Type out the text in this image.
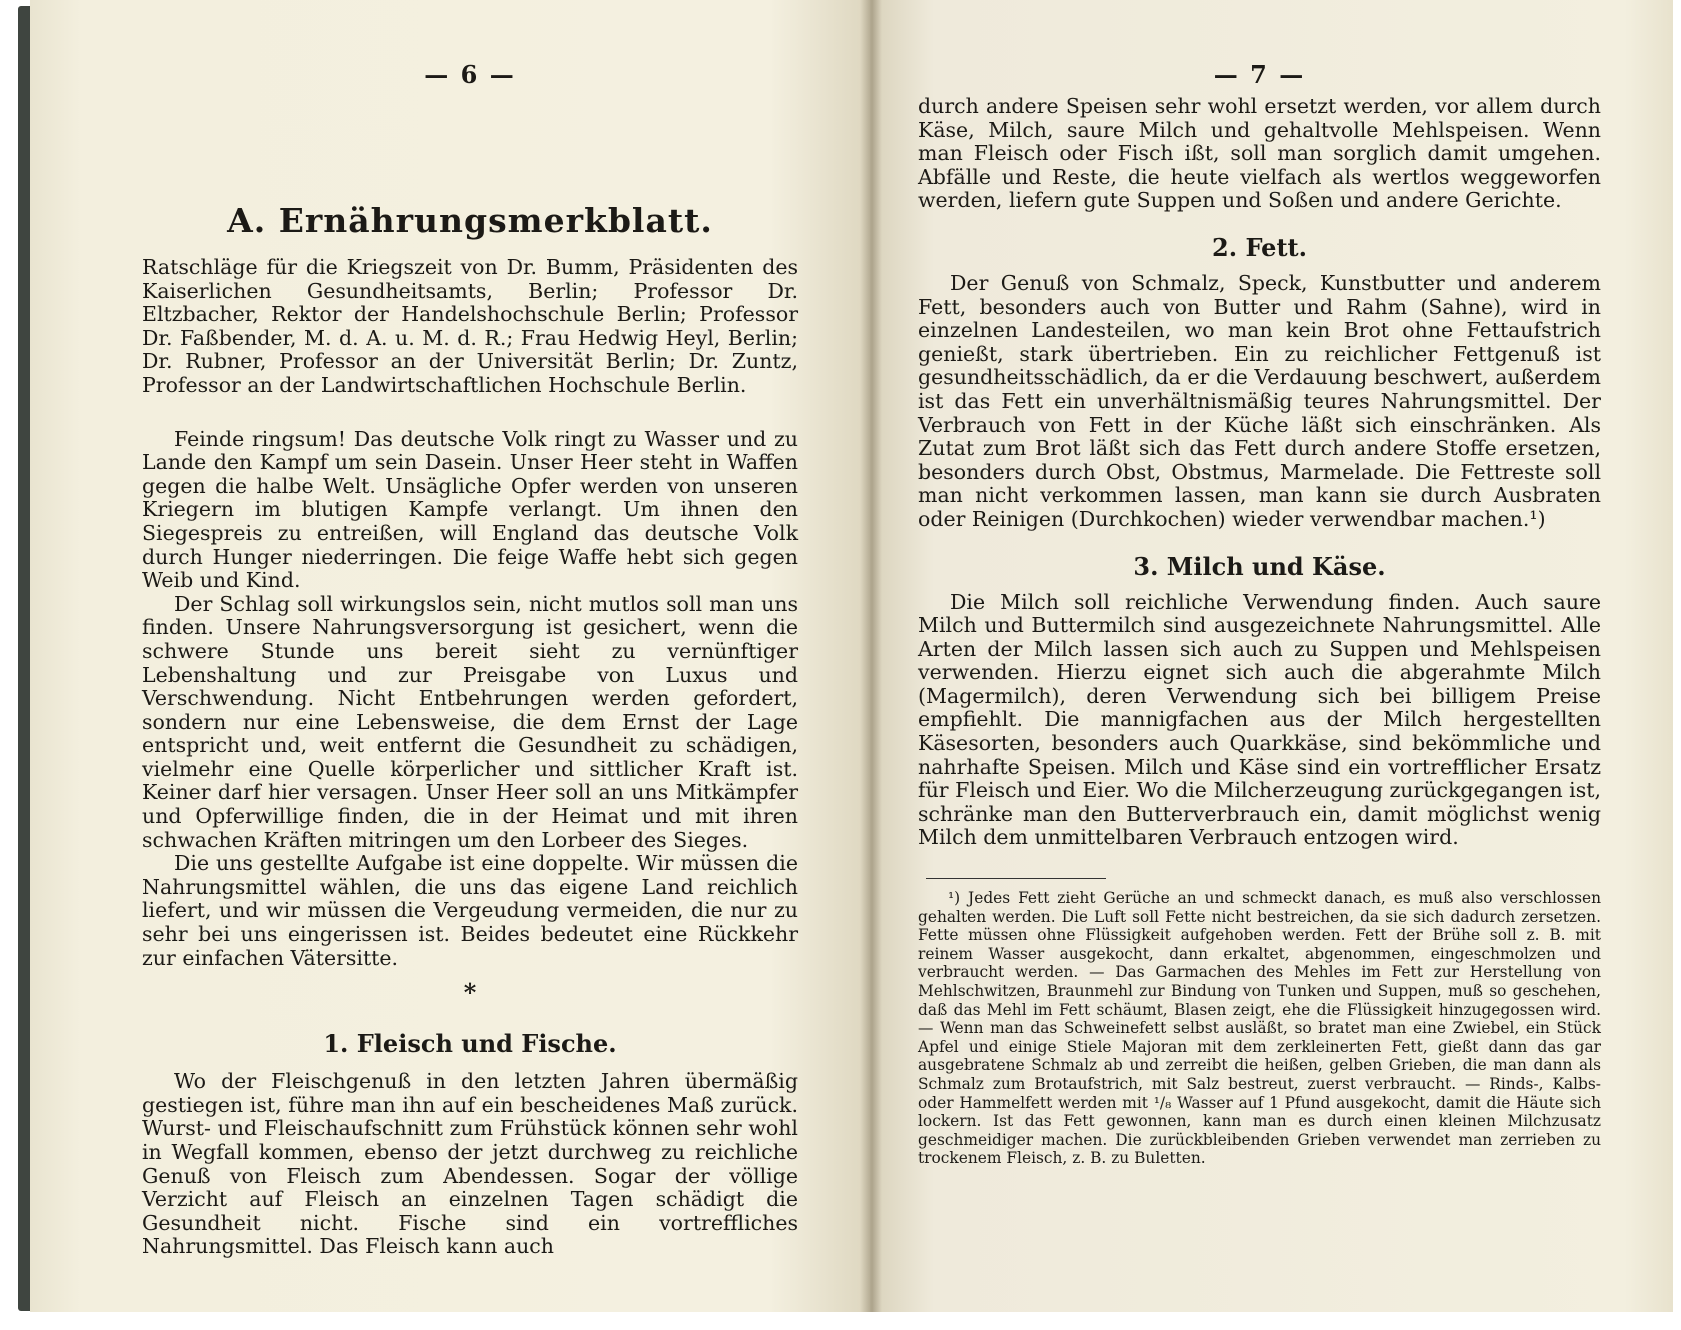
— 6 —
A. Ernährungsmerkblatt.

Ratschläge für die Kriegszeit von Dr. Bumm, Präsidenten des Kaiserlichen Gesundheitsamts, Berlin; Professor Dr. Eltzbacher, Rektor der Handelshochschule Berlin; Professor Dr. Faßbender, M. d. A. u. M. d. R.; Frau Hedwig Heyl, Berlin; Dr. Rubner, Professor an der Universität Berlin; Dr. Zuntz, Professor an der Landwirtschaftlichen Hochschule Berlin.

Feinde ringsum! Das deutsche Volk ringt zu Wasser und zu Lande den Kampf um sein Dasein. Unser Heer steht in Waffen gegen die halbe Welt. Unsägliche Opfer werden von unseren Kriegern im blutigen Kampfe verlangt. Um ihnen den Siegespreis zu entreißen, will England das deutsche Volk durch Hunger niederringen. Die feige Waffe hebt sich gegen Weib und Kind.

Der Schlag soll wirkungslos sein, nicht mutlos soll man uns finden. Unsere Nahrungsversorgung ist gesichert, wenn die schwere Stunde uns bereit sieht zu vernünftiger Lebenshaltung und zur Preisgabe von Luxus und Verschwendung. Nicht Entbehrungen werden gefordert, sondern nur eine Lebensweise, die dem Ernst der Lage entspricht und, weit entfernt die Gesundheit zu schädigen, vielmehr eine Quelle körperlicher und sittlicher Kraft ist. Keiner darf hier versagen. Unser Heer soll an uns Mitkämpfer und Opferwillige finden, die in der Heimat und mit ihren schwachen Kräften mitringen um den Lorbeer des Sieges.

Die uns gestellte Aufgabe ist eine doppelte. Wir müssen die Nahrungsmittel wählen, die uns das eigene Land reichlich liefert, und wir müssen die Vergeudung vermeiden, die nur zu sehr bei uns eingerissen ist. Beides bedeutet eine Rückkehr zur einfachen Vätersitte.

*
1. Fleisch und Fische.

Wo der Fleischgenuß in den letzten Jahren übermäßig gestiegen ist, führe man ihn auf ein bescheidenes Maß zurück. Wurst- und Fleischaufschnitt zum Frühstück können sehr wohl in Wegfall kommen, ebenso der jetzt durchweg zu reichliche Genuß von Fleisch zum Abendessen. Sogar der völlige Verzicht auf Fleisch an einzelnen Tagen schädigt die Gesundheit nicht. Fische sind ein vortreffliches Nahrungsmittel. Das Fleisch kann auch

— 7 —

durch andere Speisen sehr wohl ersetzt werden, vor allem durch Käse, Milch, saure Milch und gehaltvolle Mehlspeisen. Wenn man Fleisch oder Fisch ißt, soll man sorglich damit umgehen. Abfälle und Reste, die heute vielfach als wertlos weggeworfen werden, liefern gute Suppen und Soßen und andere Gerichte.

2. Fett.

Der Genuß von Schmalz, Speck, Kunstbutter und anderem Fett, besonders auch von Butter und Rahm (Sahne), wird in einzelnen Landesteilen, wo man kein Brot ohne Fettaufstrich genießt, stark übertrieben. Ein zu reichlicher Fettgenuß ist gesundheitsschädlich, da er die Verdauung beschwert, außerdem ist das Fett ein unverhältnismäßig teures Nahrungsmittel. Der Verbrauch von Fett in der Küche läßt sich einschränken. Als Zutat zum Brot läßt sich das Fett durch andere Stoffe ersetzen, besonders durch Obst, Obstmus, Marmelade. Die Fettreste soll man nicht verkommen lassen, man kann sie durch Ausbraten oder Reinigen (Durchkochen) wieder verwendbar machen.¹)

3. Milch und Käse.

Die Milch soll reichliche Verwendung finden. Auch saure Milch und Buttermilch sind ausgezeichnete Nahrungsmittel. Alle Arten der Milch lassen sich auch zu Suppen und Mehlspeisen verwenden. Hierzu eignet sich auch die abgerahmte Milch (Magermilch), deren Verwendung sich bei billigem Preise empfiehlt. Die mannigfachen aus der Milch hergestellten Käsesorten, besonders auch Quarkkäse, sind bekömmliche und nahrhafte Speisen. Milch und Käse sind ein vortrefflicher Ersatz für Fleisch und Eier. Wo die Milcherzeugung zurückgegangen ist, schränke man den Butterverbrauch ein, damit möglichst wenig Milch dem unmittelbaren Verbrauch entzogen wird.

¹) Jedes Fett zieht Gerüche an und schmeckt danach, es muß also verschlossen gehalten werden. Die Luft soll Fette nicht bestreichen, da sie sich dadurch zersetzen. Fette müssen ohne Flüssigkeit aufgehoben werden. Fett der Brühe soll z. B. mit reinem Wasser ausgekocht, dann erkaltet, abgenommen, eingeschmolzen und verbraucht werden. — Das Garmachen des Mehles im Fett zur Herstellung von Mehlschwitzen, Braunmehl zur Bindung von Tunken und Suppen, muß so geschehen, daß das Mehl im Fett schäumt, Blasen zeigt, ehe die Flüssigkeit hinzugegossen wird. — Wenn man das Schweinefett selbst ausläßt, so bratet man eine Zwiebel, ein Stück Apfel und einige Stiele Majoran mit dem zerkleinerten Fett, gießt dann das gar ausgebratene Schmalz ab und zerreibt die heißen, gelben Grieben, die man dann als Schmalz zum Brotaufstrich, mit Salz bestreut, zuerst verbraucht. — Rinds-, Kalbs- oder Hammelfett werden mit ¹/₈ Wasser auf 1 Pfund ausgekocht, damit die Häute sich lockern. Ist das Fett gewonnen, kann man es durch einen kleinen Milchzusatz geschmeidiger machen. Die zurückbleibenden Grieben verwendet man zerrieben zu trockenem Fleisch, z. B. zu Buletten.
